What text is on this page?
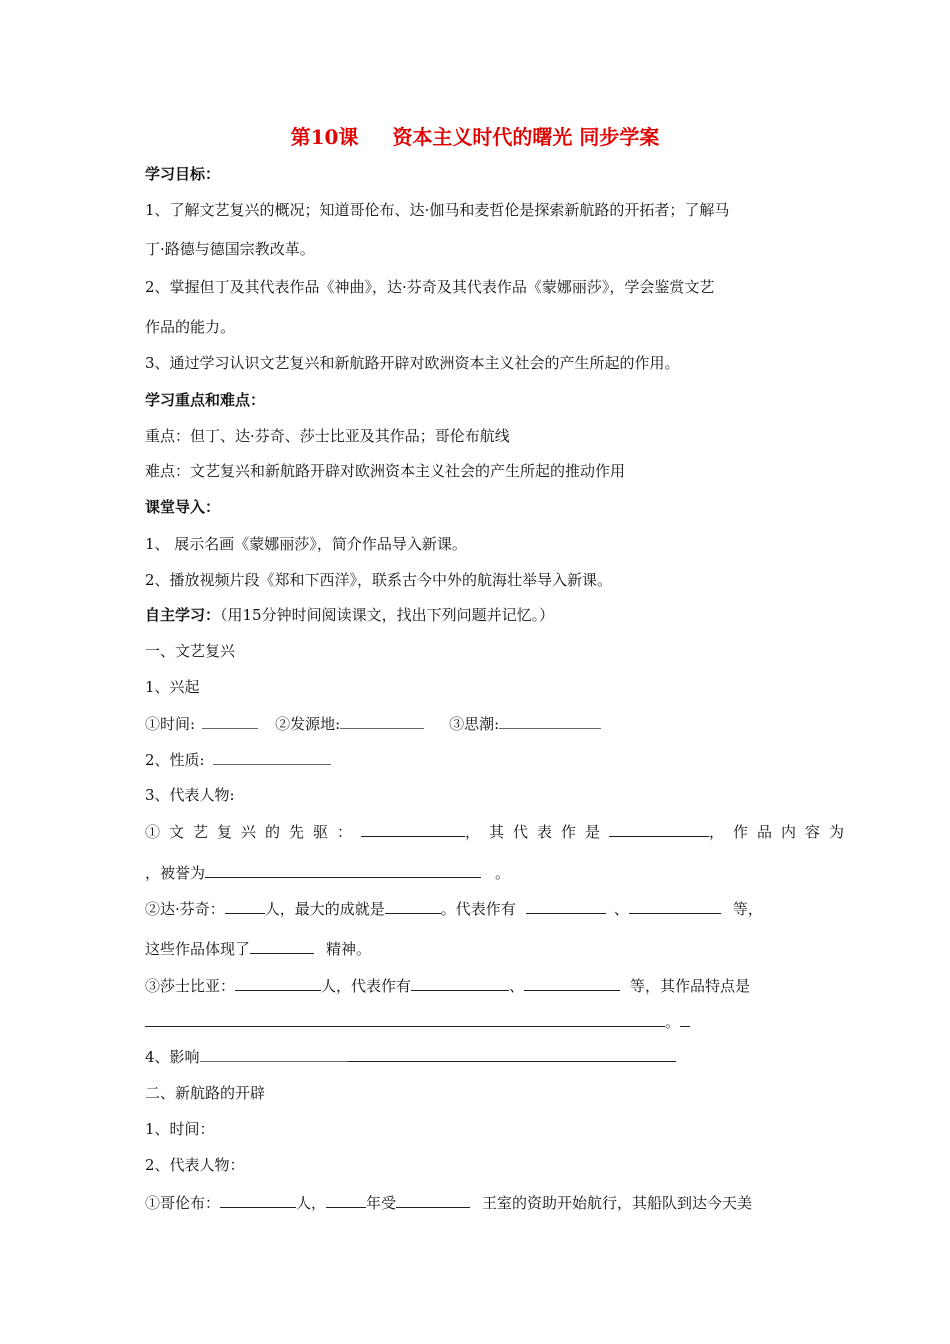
第10课 资本主义时代的曙光 同步学案
学习目标：
1、了解文艺复兴的概况；知道哥伦布、达·伽马和麦哲伦是探索新航路的开拓者；了解马
丁·路德与德国宗教改革。
2、掌握但丁及其代表作品《神曲》，达·芬奇及其代表作品《蒙娜丽莎》，学会鉴赏文艺
作品的能力。
3、通过学习认识文艺复兴和新航路开辟对欧洲资本主义社会的产生所起的作用。
学习重点和难点：
重点：但丁、达·芬奇、莎士比亚及其作品；哥伦布航线
难点：文艺复兴和新航路开辟对欧洲资本主义社会的产生所起的推动作用
课堂导入：
1、 展示名画《蒙娜丽莎》，简介作品导入新课。
2、播放视频片段《郑和下西洋》，联系古今中外的航海壮举导入新课。
自主学习：（用15分钟时间阅读课文，找出下列问题并记忆。）
一、文艺复兴
1、兴起
①时间:	②发源地:	③思潮:
2、性质:
3、代表人物:
①文艺复兴的先驱：	，其代表作是	，作品内容为
，被誉为	。
②达·芬奇：	人，最大的成就是	。代表作有	、	等，
这些作品体现了	精神。
③莎士比亚：	人，代表作有	、	等，其作品特点是
。
4、影响
二、新航路的开辟
1、时间：
2、代表人物：
①哥伦布：	人，	年受	王室的资助开始航行，其船队到达今天美
